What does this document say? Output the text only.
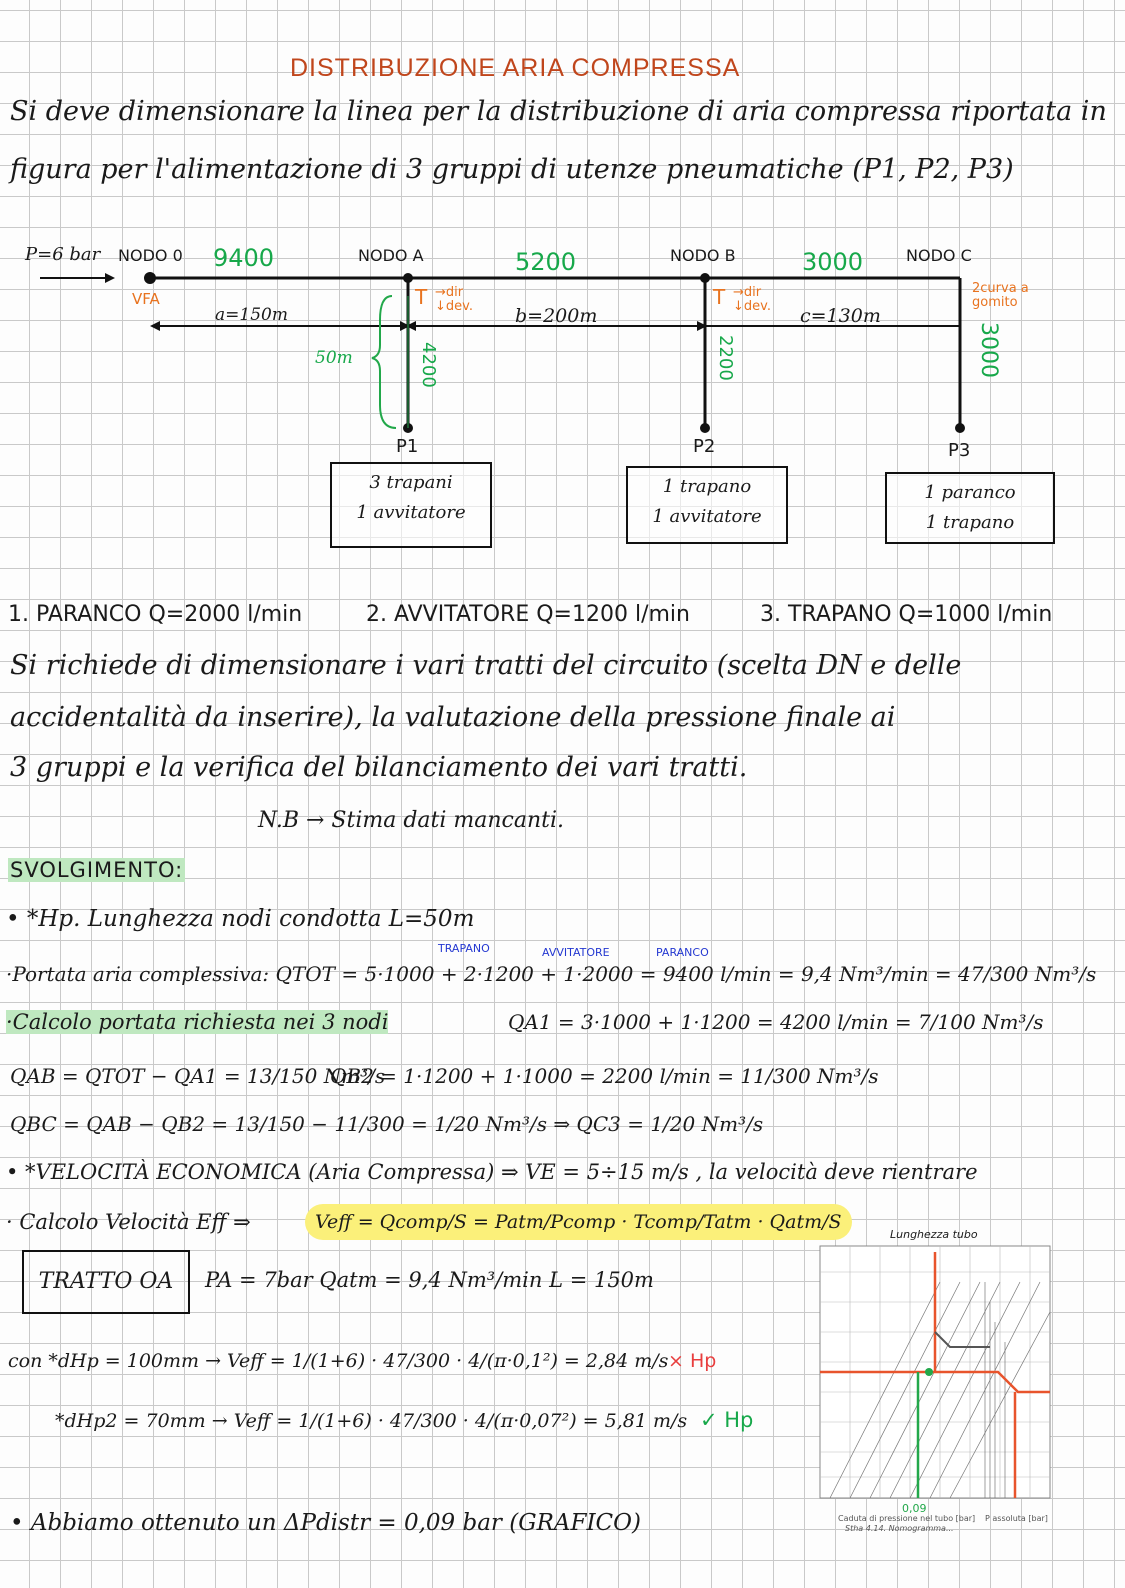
DISTRIBUZIONE ARIA COMPRESSA
Si deve dimensionare la linea per la distribuzione di aria compressa riportata in
figura per l'alimentazione di 3 gruppi di utenze pneumatiche (P1, P2, P3)
P=6 bar NODO 0	NODO A	NODO B	NODO C
9400	5200	3000
VFA
a=150m	b=200m	c=130m
50m
T →dir
↓dev.	T →dir
↓dev.
2curva a gomito
4200	2200	3000
P1	P2	P3
3 trapani
1 avvitatore
1 trapano
1 avvitatore
1 paranco
1 trapano
1. PARANCO Q=2000 l/min	2. AVVITATORE Q=1200 l/min	3. TRAPANO Q=1000 l/min
Si richiede di dimensionare i vari tratti del circuito (scelta DN e delle
accidentalità da inserire), la valutazione della pressione finale ai
3 gruppi e la verifica del bilanciamento dei vari tratti.
N.B → Stima dati mancanti.
SVOLGIMENTO:
• *Hp. Lunghezza nodi condotta L=50m
TRAPANO	AVVITATORE	PARANCO
·Portata aria complessiva: QTOT = 5·1000 + 2·1200 + 1·2000 = 9400 l/min = 9,4 Nm³/min = 47/300 Nm³/s
·Calcolo portata richiesta nei 3 nodi	QA1 = 3·1000 + 1·1200 = 4200 l/min = 7/100 Nm³/s
QAB = QTOT − QA1 = 13/150 Nm³/s
QB2 = 1·1200 + 1·1000 = 2200 l/min = 11/300 Nm³/s
QBC = QAB − QB2 = 13/150 − 11/300 = 1/20 Nm³/s ⇒ QC3 = 1/20 Nm³/s
• *VELOCITÀ ECONOMICA (Aria Compressa) ⇒ VE = 5÷15 m/s , la velocità deve rientrare
· Calcolo Velocità Eff ⇒	Veff = Qcomp/S = Patm/Pcomp · Tcomp/Tatm · Qatm/S
TRATTO OA	PA = 7bar Qatm = 9,4 Nm³/min L = 150m
con *dHp = 100mm → Veff = 1/(1+6) · 47/300 · 4/(π·0,1²) = 2,84 m/s × Hp
*dHp2 = 70mm → Veff = 1/(1+6) · 47/300 · 4/(π·0,07²) = 5,81 m/s ✓ Hp
• Abbiamo ottenuto un ΔPdistr = 0,09 bar (GRAFICO)
Lunghezza tubo
0,09
Caduta di pressione nel tubo [bar] P assoluta [bar]
Stha 4.14. Nomogramma...
